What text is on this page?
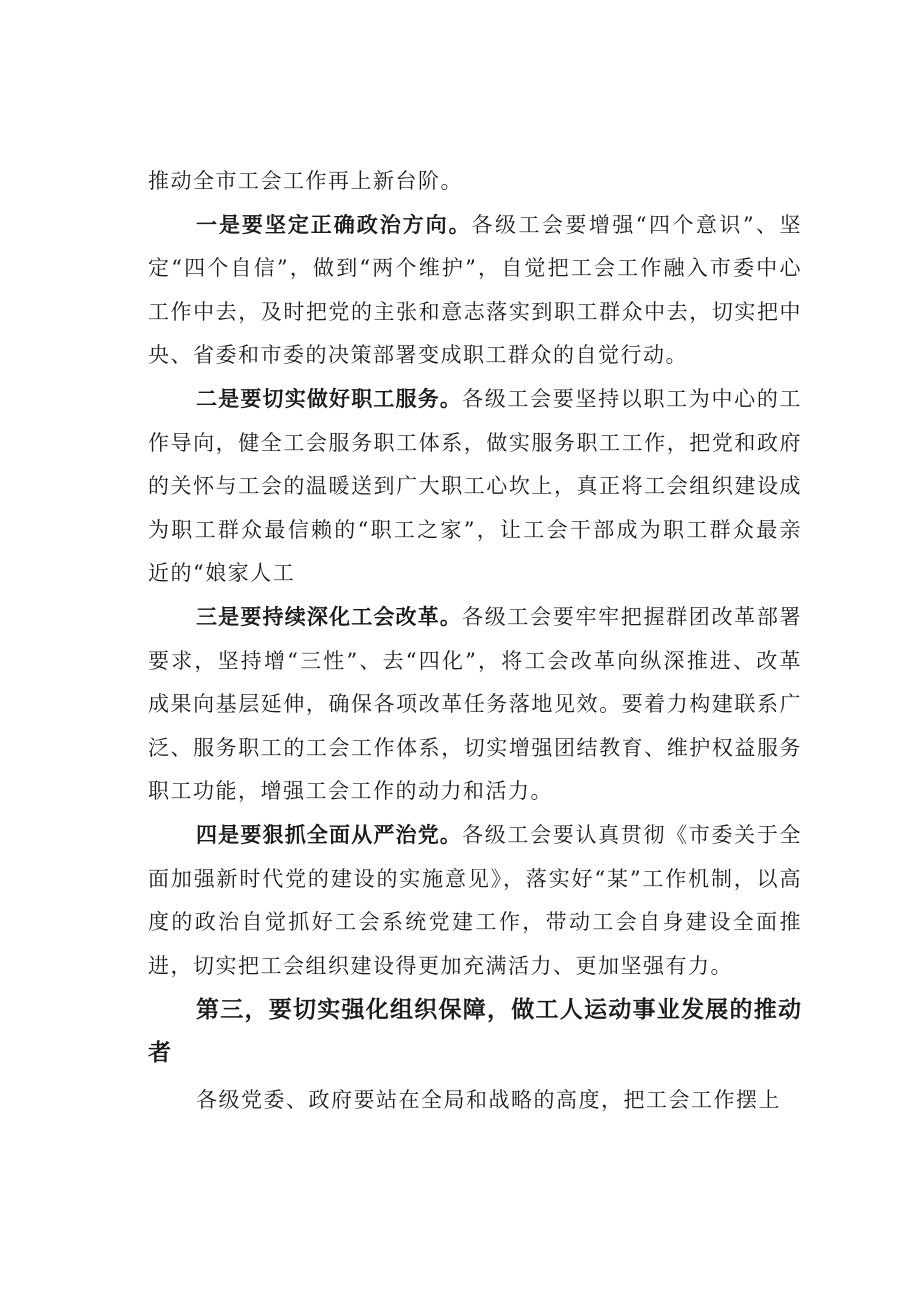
推动全市工会工作再上新台阶。

一是要坚定正确政治方向。各级工会要增强“四个意识”、坚定“四个自信”，做到“两个维护”，自觉把工会工作融入市委中心工作中去，及时把党的主张和意志落实到职工群众中去，切实把中央、省委和市委的决策部署变成职工群众的自觉行动。

二是要切实做好职工服务。各级工会要坚持以职工为中心的工作导向，健全工会服务职工体系，做实服务职工工作，把党和政府的关怀与工会的温暖送到广大职工心坎上，真正将工会组织建设成为职工群众最信赖的“职工之家”，让工会干部成为职工群众最亲近的“娘家人工

三是要持续深化工会改革。各级工会要牢牢把握群团改革部署要求，坚持增“三性”、去“四化”，将工会改革向纵深推进、改革成果向基层延伸，确保各项改革任务落地见效。要着力构建联系广泛、服务职工的工会工作体系，切实增强团结教育、维护权益服务职工功能，增强工会工作的动力和活力。

四是要狠抓全面从严治党。各级工会要认真贯彻《市委关于全面加强新时代党的建设的实施意见》，落实好“某”工作机制，以高度的政治自觉抓好工会系统党建工作，带动工会自身建设全面推进，切实把工会组织建设得更加充满活力、更加坚强有力。

第三，要切实强化组织保障，做工人运动事业发展的推动者

各级党委、政府要站在全局和战略的高度，把工会工作摆上
